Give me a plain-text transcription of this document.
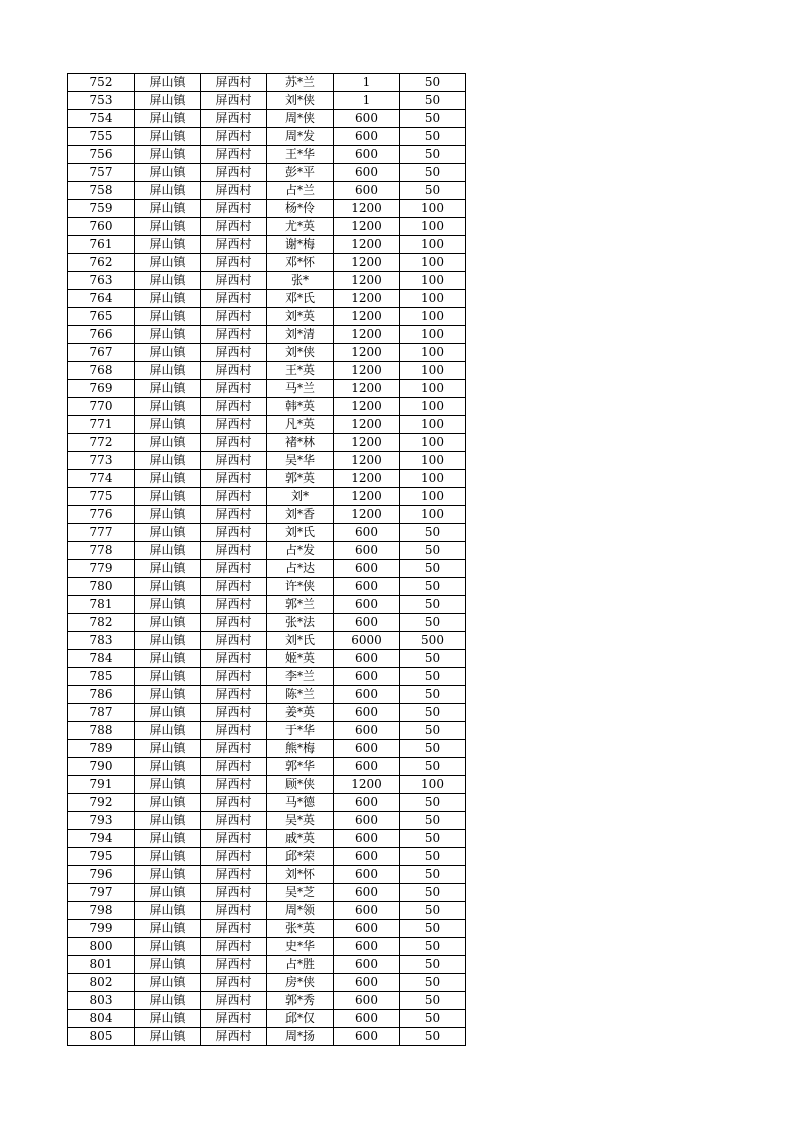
752	屏山镇	屏西村	苏*兰	1	50
753	屏山镇	屏西村	刘*侠	1	50
754	屏山镇	屏西村	周*侠	600	50
755	屏山镇	屏西村	周*发	600	50
756	屏山镇	屏西村	王*华	600	50
757	屏山镇	屏西村	彭*平	600	50
758	屏山镇	屏西村	占*兰	600	50
759	屏山镇	屏西村	杨*伶	1200	100
760	屏山镇	屏西村	尤*英	1200	100
761	屏山镇	屏西村	谢*梅	1200	100
762	屏山镇	屏西村	邓*怀	1200	100
763	屏山镇	屏西村	张*	1200	100
764	屏山镇	屏西村	邓*氏	1200	100
765	屏山镇	屏西村	刘*英	1200	100
766	屏山镇	屏西村	刘*清	1200	100
767	屏山镇	屏西村	刘*侠	1200	100
768	屏山镇	屏西村	王*英	1200	100
769	屏山镇	屏西村	马*兰	1200	100
770	屏山镇	屏西村	韩*英	1200	100
771	屏山镇	屏西村	凡*英	1200	100
772	屏山镇	屏西村	褚*林	1200	100
773	屏山镇	屏西村	吴*华	1200	100
774	屏山镇	屏西村	郭*英	1200	100
775	屏山镇	屏西村	刘*	1200	100
776	屏山镇	屏西村	刘*香	1200	100
777	屏山镇	屏西村	刘*氏	600	50
778	屏山镇	屏西村	占*发	600	50
779	屏山镇	屏西村	占*达	600	50
780	屏山镇	屏西村	许*侠	600	50
781	屏山镇	屏西村	郭*兰	600	50
782	屏山镇	屏西村	张*法	600	50
783	屏山镇	屏西村	刘*氏	6000	500
784	屏山镇	屏西村	姬*英	600	50
785	屏山镇	屏西村	李*兰	600	50
786	屏山镇	屏西村	陈*兰	600	50
787	屏山镇	屏西村	姜*英	600	50
788	屏山镇	屏西村	于*华	600	50
789	屏山镇	屏西村	熊*梅	600	50
790	屏山镇	屏西村	郭*华	600	50
791	屏山镇	屏西村	顾*侠	1200	100
792	屏山镇	屏西村	马*德	600	50
793	屏山镇	屏西村	吴*英	600	50
794	屏山镇	屏西村	戚*英	600	50
795	屏山镇	屏西村	邱*荣	600	50
796	屏山镇	屏西村	刘*怀	600	50
797	屏山镇	屏西村	吴*芝	600	50
798	屏山镇	屏西村	周*领	600	50
799	屏山镇	屏西村	张*英	600	50
800	屏山镇	屏西村	史*华	600	50
801	屏山镇	屏西村	占*胜	600	50
802	屏山镇	屏西村	房*侠	600	50
803	屏山镇	屏西村	郭*秀	600	50
804	屏山镇	屏西村	邱*仅	600	50
805	屏山镇	屏西村	周*扬	600	50
